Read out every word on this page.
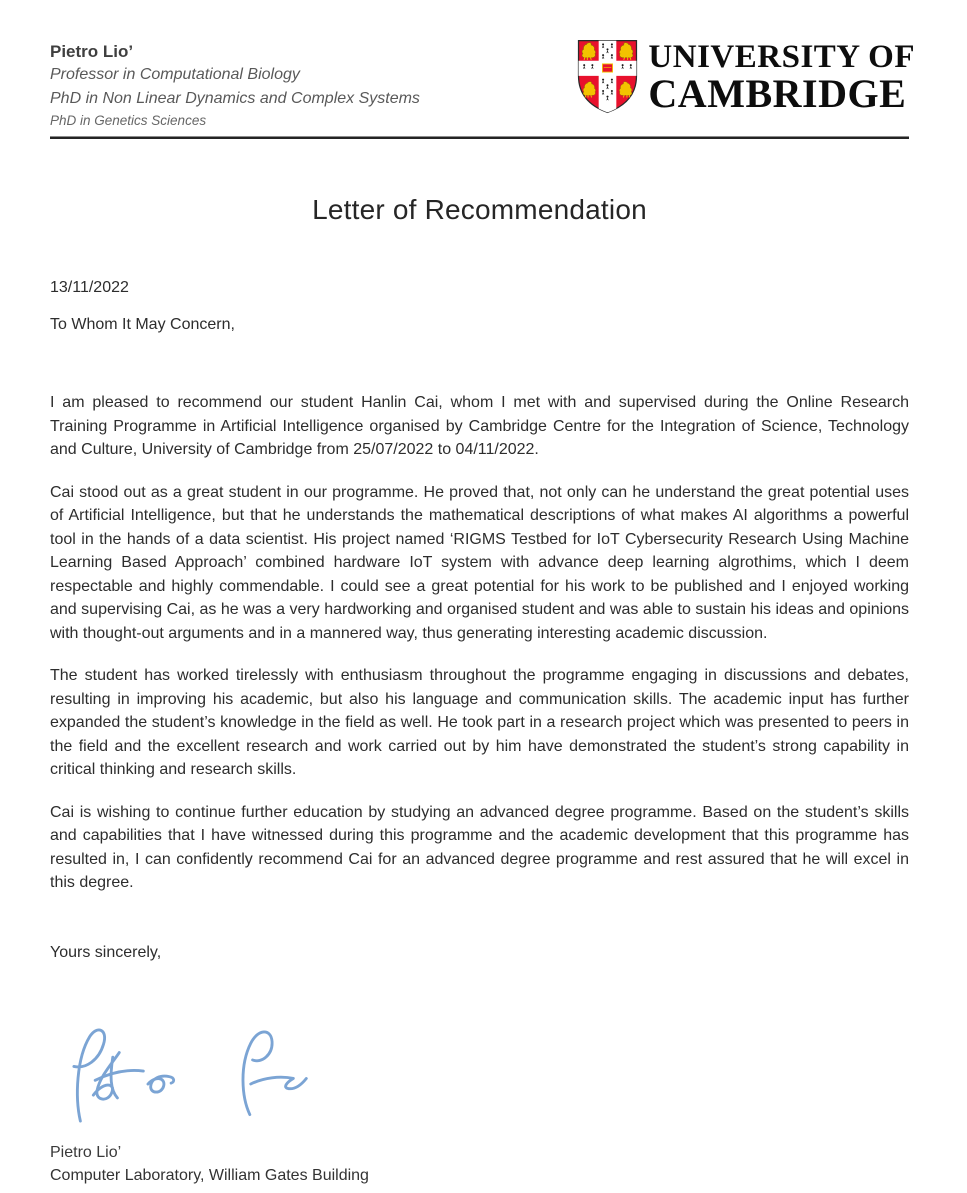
Pietro Lio’
Professor in Computational Biology
PhD in Non Linear Dynamics and Complex Systems
PhD in Genetics Sciences
UNIVERSITY OF
CAMBRIDGE
Letter of Recommendation
13/11/2022
To Whom It May Concern,

I am pleased to recommend our student Hanlin Cai, whom I met with and supervised during the Online Research Training Programme in Artificial Intelligence organised by Cambridge Centre for the Integration of Science, Technology and Culture, University of Cambridge from 25/07/2022 to 04/11/2022.

Cai stood out as a great student in our programme. He proved that, not only can he understand the great potential uses of Artificial Intelligence, but that he understands the mathematical descriptions of what makes AI algorithms a powerful tool in the hands of a data scientist. His project named ‘RIGMS Testbed for IoT Cybersecurity Research Using Machine Learning Based Approach’ combined hardware IoT system with advance deep learning algrothims, which I deem respectable and highly commendable. I could see a great potential for his work to be published and I enjoyed working and supervising Cai, as he was a very hardworking and organised student and was able to sustain his ideas and opinions with thought-out arguments and in a mannered way, thus generating interesting academic discussion.

The student has worked tirelessly with enthusiasm throughout the programme engaging in discussions and debates, resulting in improving his academic, but also his language and communication skills. The academic input has further expanded the student’s knowledge in the field as well. He took part in a research project which was presented to peers in the field and the excellent research and work carried out by him have demonstrated the student’s strong capability in critical thinking and research skills.

Cai is wishing to continue further education by studying an advanced degree programme. Based on the student’s skills and capabilities that I have witnessed during this programme and the academic development that this programme has resulted in, I can confidently recommend Cai for an advanced degree programme and rest assured that he will excel in this degree.

Yours sincerely,
Pietro Lio’
Computer Laboratory, William Gates Building
